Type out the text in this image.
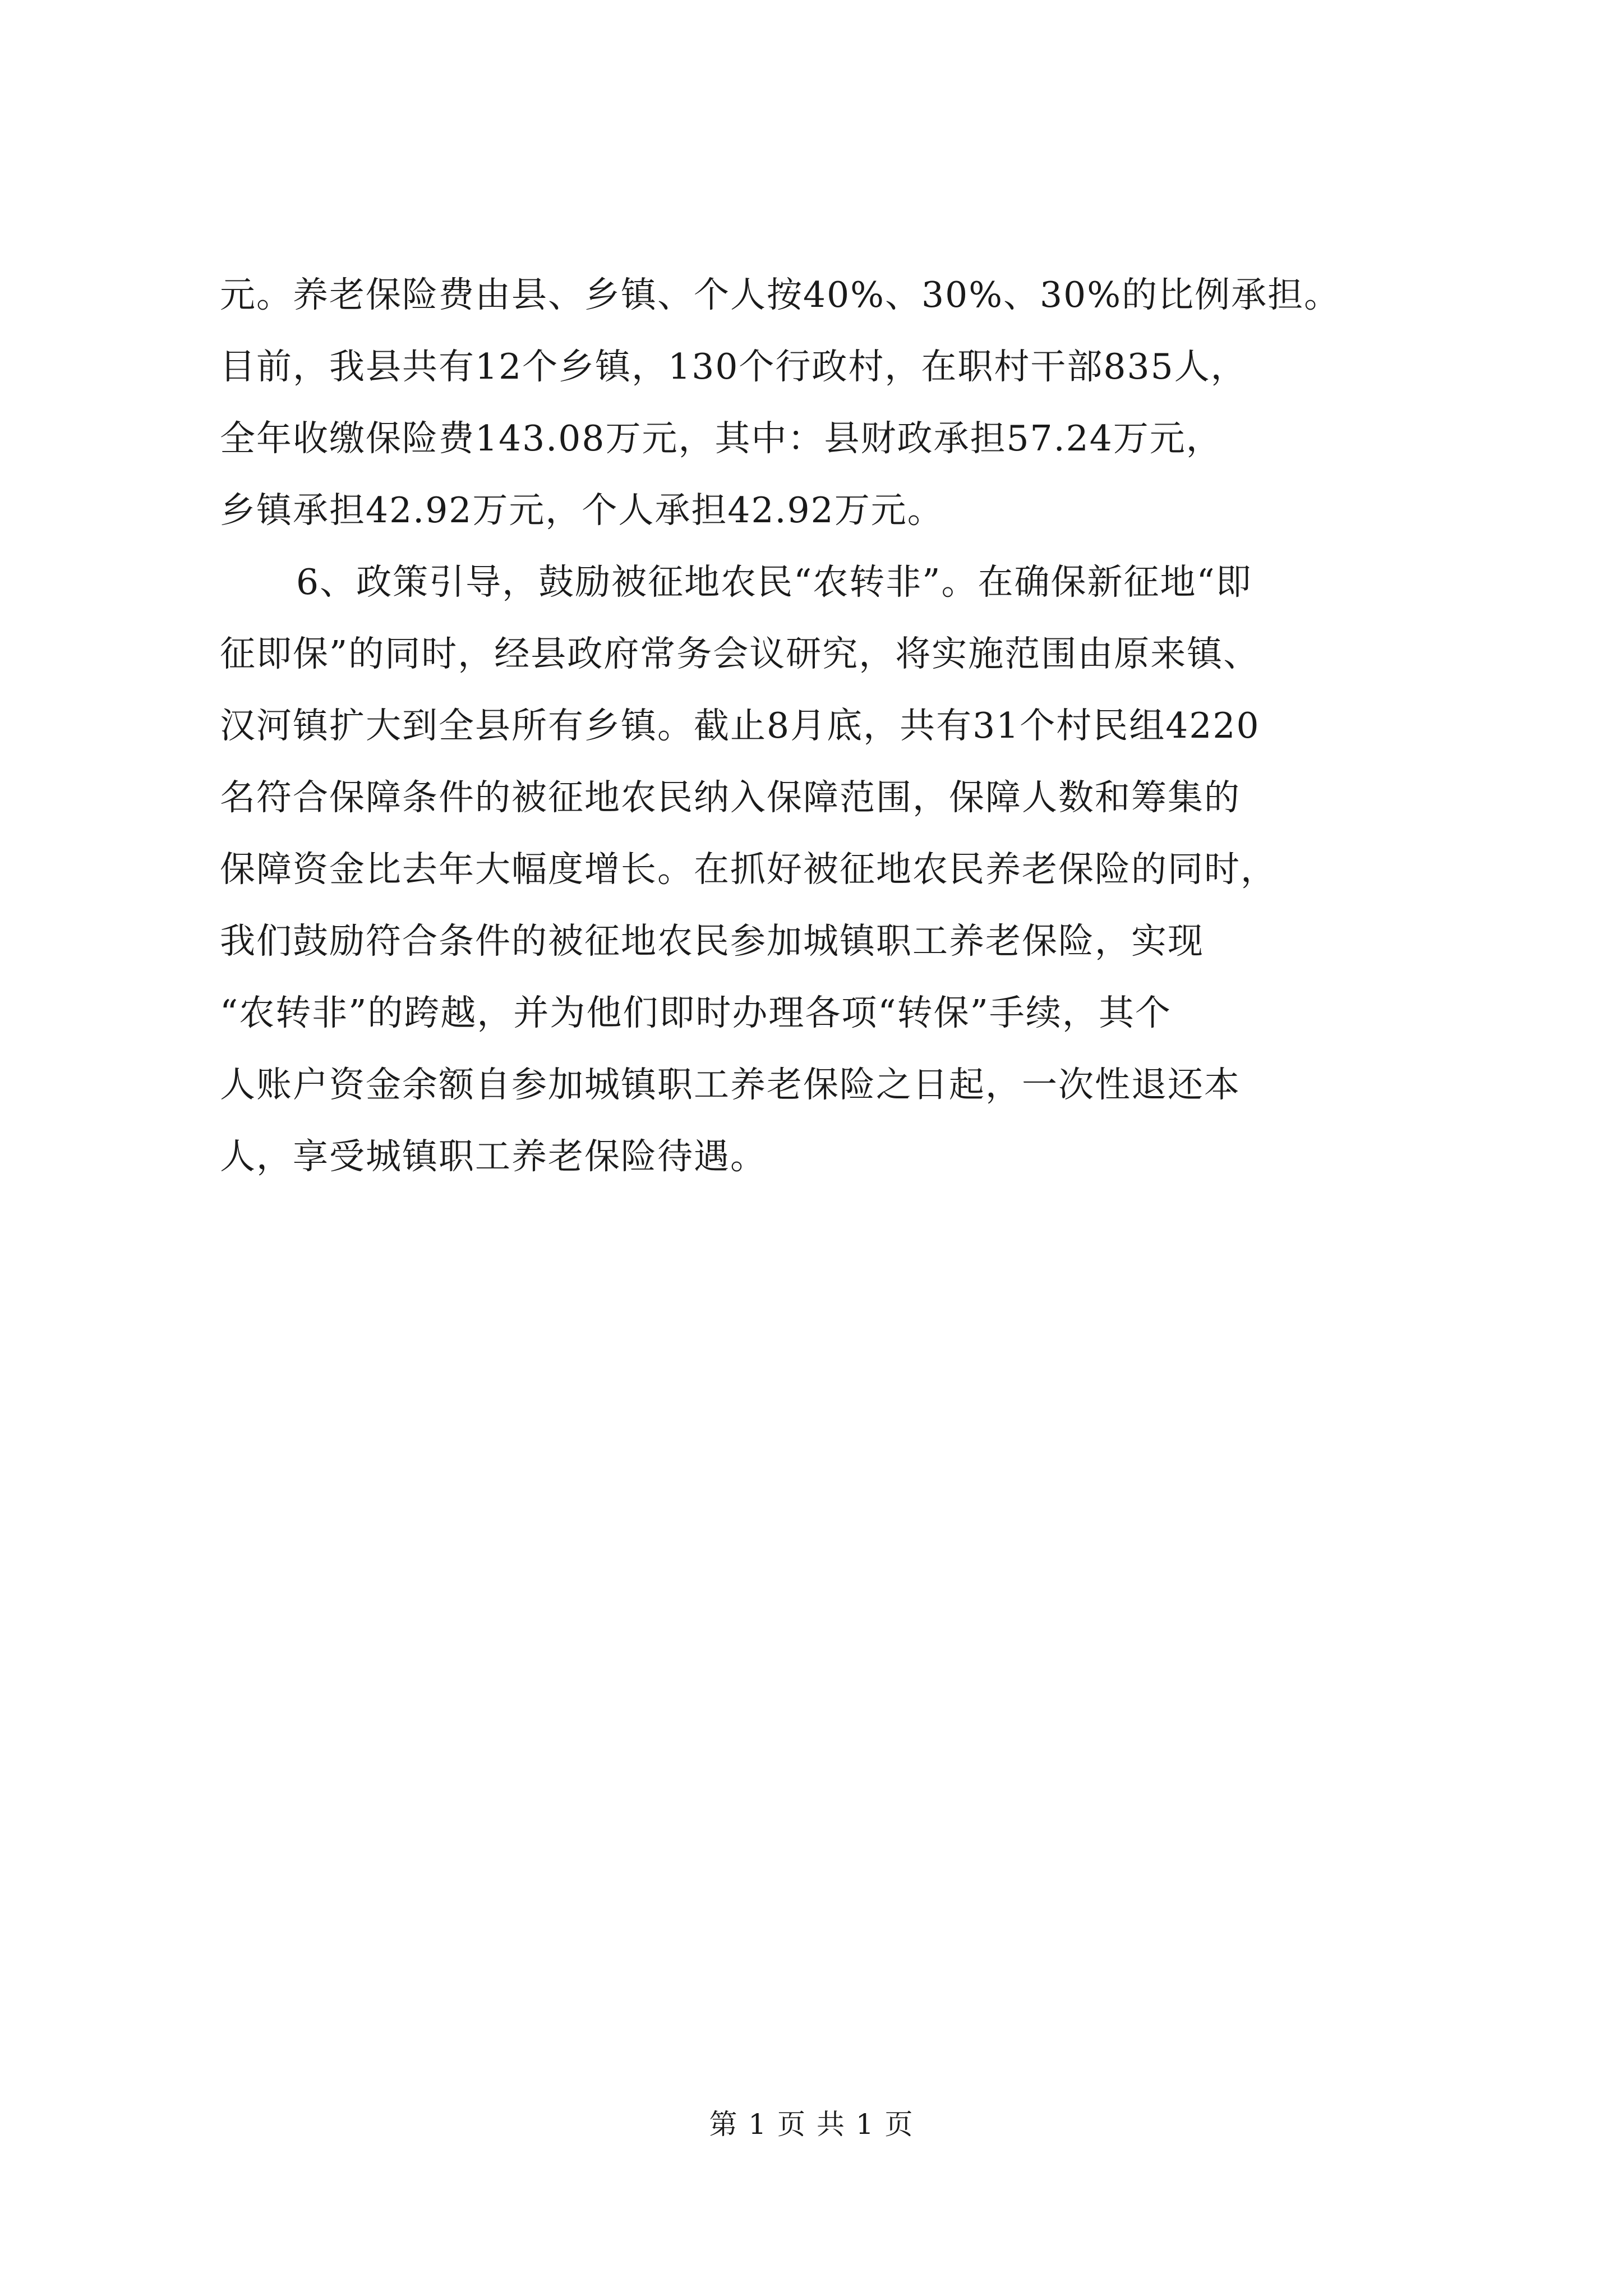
元。养老保险费由县、乡镇、个人按40%、30%、30%的比例承担。
目前，我县共有12个乡镇，130个行政村，在职村干部835人，
全年收缴保险费143.08万元，其中：县财政承担57.24万元，
乡镇承担42.92万元，个人承担42.92万元。
6、政策引导，鼓励被征地农民“农转非”。在确保新征地“即
征即保”的同时，经县政府常务会议研究，将实施范围由原来镇、
汉河镇扩大到全县所有乡镇。截止8月底，共有31个村民组4220
名符合保障条件的被征地农民纳入保障范围，保障人数和筹集的
保障资金比去年大幅度增长。在抓好被征地农民养老保险的同时，
我们鼓励符合条件的被征地农民参加城镇职工养老保险，实现
“农转非”的跨越，并为他们即时办理各项“转保”手续，其个
人账户资金余额自参加城镇职工养老保险之日起，一次性退还本
人，享受城镇职工养老保险待遇。
第 1 页 共 1 页
